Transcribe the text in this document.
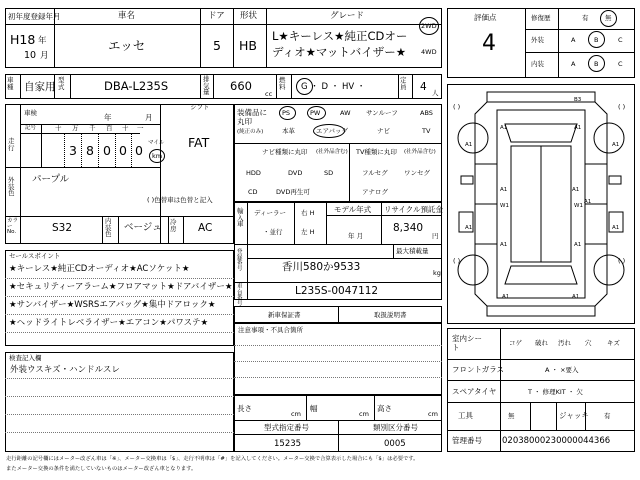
初年度登録年月	車名	ドア 形状	グレード
H18 年
10 月
エッセ	5 HB
L★キーレス★純正CDオー
ディオ★マットバイザー★
2WD
4WD
車種	自家用
型式	DBA-L235S	排気量 660
cc
燃料	G ・ D ・ HV ・
定員	4 人
車検	年	月
シフト
FAT
走行
記号	十 万 千 百 十 一
3 8 0 0 0 マイル
km
外装色
パープル
( )色替車は色替と記入
カラーNo.	S32
内装色
ベージュ 冷房	AC
装備品に丸印
(純正のみ)
PS	PW	AW サンルーフ	ABS
本革	エアバッグ	ナビ	TV
ナビ種類に丸印 (社外品含む)
HDD	DVD	SD
CD	DVD再生可
TV種類に丸印 (社外品含む)
フルセグ	ワンセグ
アナログ
輸入車
ディーラー
・並行
右 H
左 H
モデル年式
年 月
リサイクル預託金
8,340
円
登録番号
最大積載量
香川580か9533	kg
車台番号
L235S-0047112
新車保証書	取扱説明書
注意事項・不具合箇所
長さ
cm
幅
cm
高さ
cm
型式指定番号	類別区分番号
15235	0005
セールスポイント
★キーレス★純正CDオーディオ★ACソケット★
★セキュリティーアラーム★フロアマット★ドアバイザー★
★サンバイザー★WSRSエアバッグ★集中ドアロック★
★ヘッドライトレベライザー★エアコン★パワステ★
検査記入欄
外装ウスキズ・ハンドルスレ
評価点
4
修復歴	有	無
外装	A	B	C
内装	A	B	C
( )	( )
( )	( )
B3
A1	A1
A1	A1
A1	A1
W1
A1
W1
A1	A1
A1	A1
A1	A1
室内シート	コゲ 破れ 汚れ 穴 キズ
フロントガラス	A ・ ×要入
スペアタイヤ	T ・ 修理KIT ・ 欠
工具	無	ジャッキ 有
管理番号 02038000230000044366
走行距離の記号欄にはメーター改ざん車は「※」、メーター交換車は「$」、走行不明車は「#」を記入してください。メーター交換で合算表示した場合にも「$」は必要です。
またメーター交換の条件を満たしていないものはメーター改ざん車となります。
